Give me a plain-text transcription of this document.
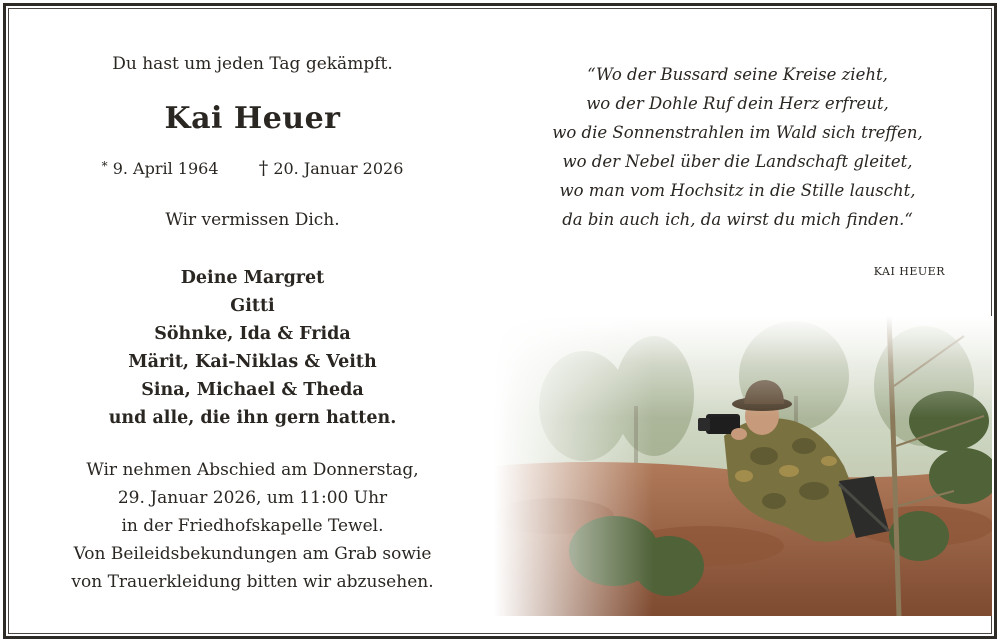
Du hast um jeden Tag gekämpft.
Kai Heuer
* 9. April 1964 † 20. Januar 2026
Wir vermissen Dich.
Deine Margret
Gitti
Söhnke, Ida & Frida
Märit, Kai-Niklas & Veith
Sina, Michael & Theda
und alle, die ihn gern hatten.
Wir nehmen Abschied am Donnerstag,
29. Januar 2026, um 11:00 Uhr
in der Friedhofskapelle Tewel.
Von Beileidsbekundungen am Grab sowie
von Trauerkleidung bitten wir abzusehen.
“Wo der Bussard seine Kreise zieht,
wo der Dohle Ruf dein Herz erfreut,
wo die Sonnenstrahlen im Wald sich treffen,
wo der Nebel über die Landschaft gleitet,
wo man vom Hochsitz in die Stille lauscht,
da bin auch ich, da wirst du mich finden.“
KAI HEUER
